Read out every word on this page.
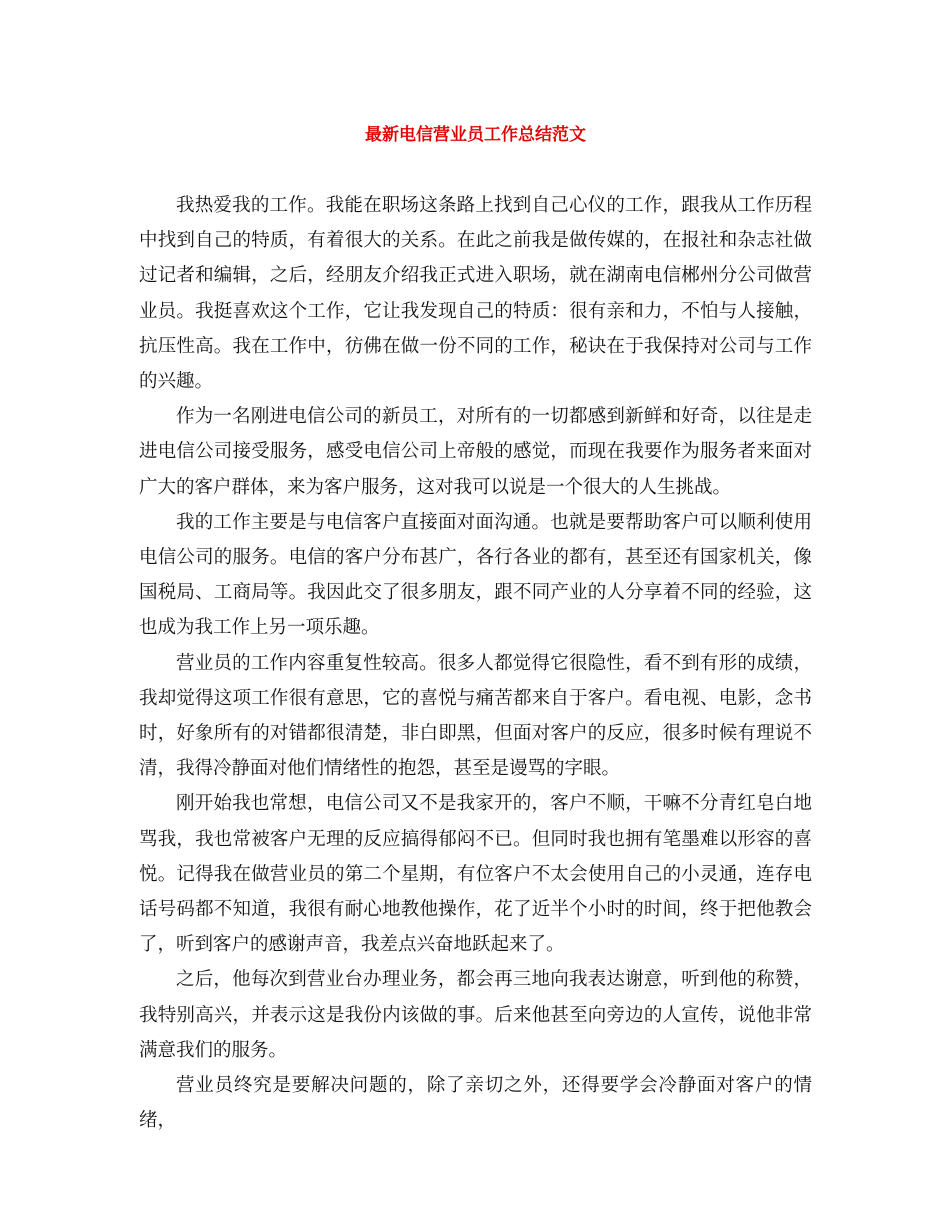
最新电信营业员工作总结范文

我热爱我的工作。我能在职场这条路上找到自己心仪的工作，跟我从工作历程中找到自己的特质，有着很大的关系。在此之前我是做传媒的，在报社和杂志社做过记者和编辑，之后，经朋友介绍我正式进入职场，就在湖南电信郴州分公司做营业员。我挺喜欢这个工作，它让我发现自己的特质：很有亲和力，不怕与人接触，抗压性高。我在工作中，彷佛在做一份不同的工作，秘诀在于我保持对公司与工作的兴趣。

作为一名刚进电信公司的新员工，对所有的一切都感到新鲜和好奇，以往是走进电信公司接受服务，感受电信公司上帝般的感觉，而现在我要作为服务者来面对广大的客户群体，来为客户服务，这对我可以说是一个很大的人生挑战。

我的工作主要是与电信客户直接面对面沟通。也就是要帮助客户可以顺利使用电信公司的服务。电信的客户分布甚广，各行各业的都有，甚至还有国家机关，像国税局、工商局等。我因此交了很多朋友，跟不同产业的人分享着不同的经验，这也成为我工作上另一项乐趣。

营业员的工作内容重复性较高。很多人都觉得它很隐性，看不到有形的成绩，我却觉得这项工作很有意思，它的喜悦与痛苦都来自于客户。看电视、电影，念书时，好象所有的对错都很清楚，非白即黑，但面对客户的反应，很多时候有理说不清，我得冷静面对他们情绪性的抱怨，甚至是谩骂的字眼。

刚开始我也常想，电信公司又不是我家开的，客户不顺，干嘛不分青红皂白地骂我，我也常被客户无理的反应搞得郁闷不已。但同时我也拥有笔墨难以形容的喜悦。记得我在做营业员的第二个星期，有位客户不太会使用自己的小灵通，连存电话号码都不知道，我很有耐心地教他操作，花了近半个小时的时间，终于把他教会了，听到客户的感谢声音，我差点兴奋地跃起来了。

之后，他每次到营业台办理业务，都会再三地向我表达谢意，听到他的称赞，我特别高兴，并表示这是我份内该做的事。后来他甚至向旁边的人宣传，说他非常满意我们的服务。

营业员终究是要解决问题的，除了亲切之外，还得要学会冷静面对客户的情绪，
